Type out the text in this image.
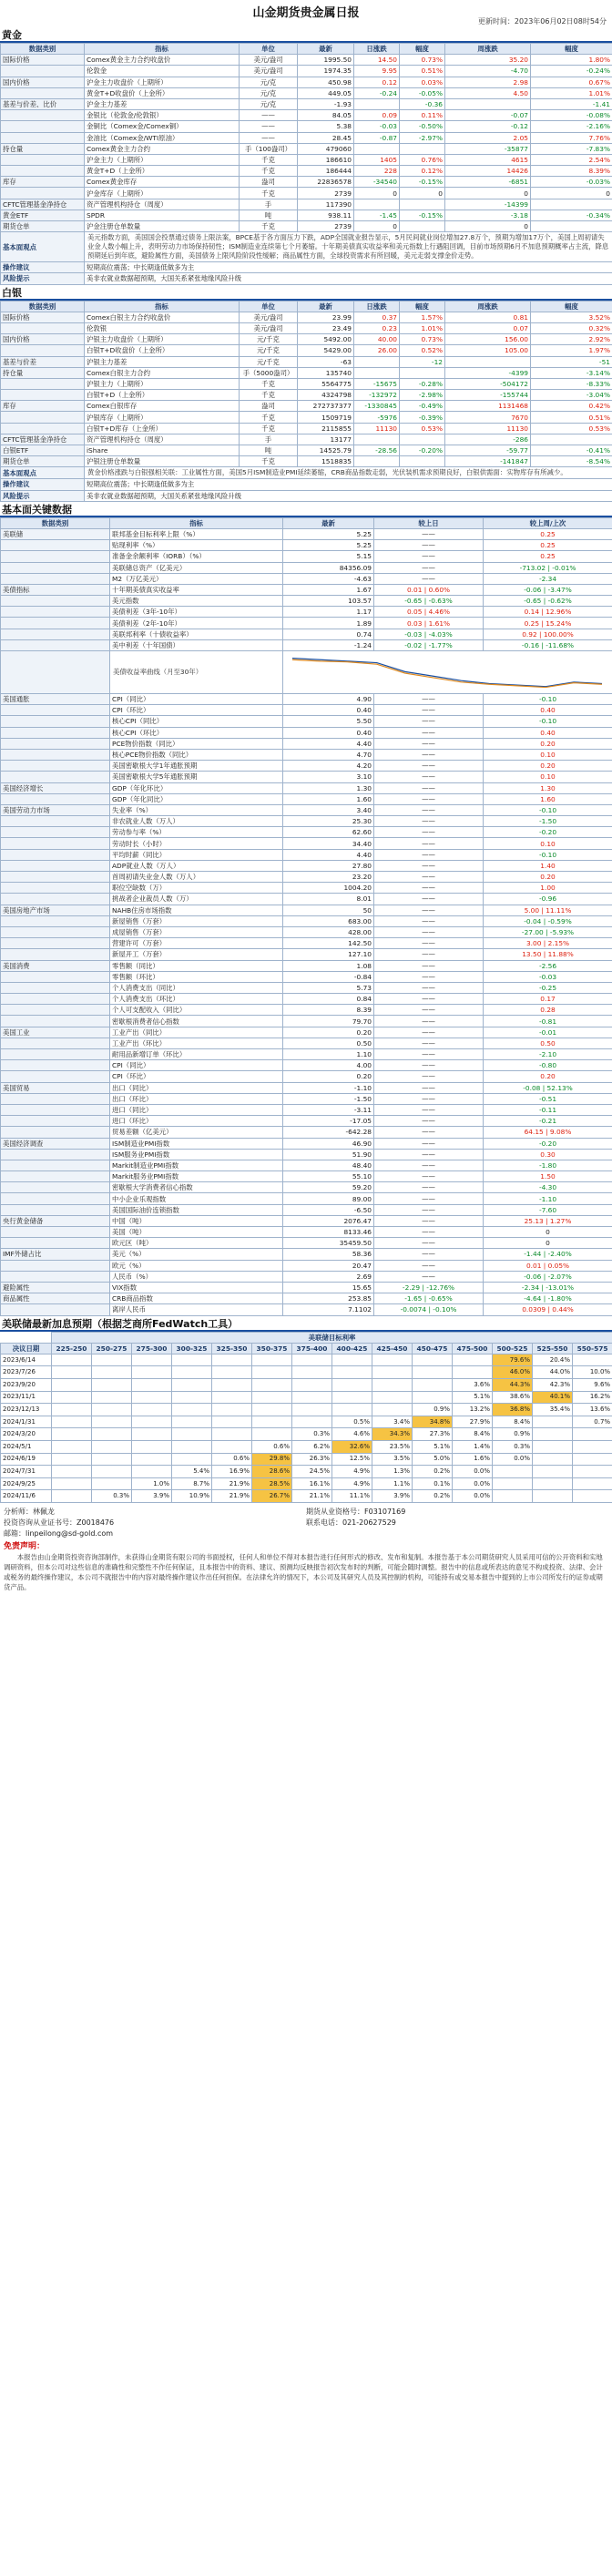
山金期货贵金属日报
更新时间：2023年06月02日08时54分
黄金
数据类别	指标	单位	最新	日涨跌	幅度	周涨跌	幅度
国际价格	Comex黄金主力合约收盘价	美元/盎司	1995.50	14.50	0.73%	35.20	1.80%
	伦敦金	美元/盎司	1974.35	9.95	0.51%	-4.70	-0.24%
国内价格	沪金主力收盘价（上期所）	元/克	450.98	0.12	0.03%	2.98	0.67%
	黄金T+D收盘价（上金所）	元/克	449.05	-0.24	-0.05%	4.50	1.01%
基差与价差、比价	沪金主力基差	元/克	-1.93		-0.36		-1.41
	金银比（伦敦金/伦敦银）	——	84.05	0.09	0.11%	-0.07	-0.08%
	金铜比（Comex金/Comex铜）	——	5.38	-0.03	-0.50%	-0.12	-2.16%
	金油比（Comex金/WTI原油）	——	28.45	-0.87	-2.97%	2.05	7.76%
持仓量	Comex黄金主力合约	手（100盎司）	479060			-35877	-7.83%
	沪金主力（上期所）	千克	186610	1405	0.76%	4615	2.54%
	黄金T+D（上金所）	千克	186444	228	0.12%	14426	8.39%
库存	Comex黄金库存	盎司	22836578	-34540	-0.15%	-6851	-0.03%
	沪金库存（上期所）	千克	2739	0	0	0	0
CFTC管理基金净持仓	资产管理机构持仓（周度）	手	117390			-14399	
黄金ETF	SPDR	吨	938.11	-1.45	-0.15%	-3.18	-0.34%
期货仓单	沪金注册仓单数量	千克	2739	0		0	
基本面观点	美元指数方面，美国国会投票通过债务上限法案，BPCE基于各方面压力下跌，ADP全国就业报告显示，5月民间就业岗位增加27.8万个，预期为增加17万个，美国上周初请失业金人数小幅上升，表明劳动力市场保持韧性；ISM制造业连续第七个月萎缩。十年期美债真实收益率和美元指数上行遇阻回调，目前市场预期6月不加息预期概率占主流，降息预期延后到年底，避险属性方面，美国债务上限风险阶段性缓解；商品属性方面，全球投资需求有所回暖，美元走弱支撑金价走势。						
操作建议	短期高位震荡；中长期逢低做多为主						
风险提示	美非农就业数据超预期，大国关系紧张地缘风险升级						
白银
数据类别	指标	单位	最新	日涨跌	幅度	周涨跌	幅度
国际价格	Comex白银主力合约收盘价	美元/盎司	23.99	0.37	1.57%	0.81	3.52%
	伦敦银	美元/盎司	23.49	0.23	1.01%	0.07	0.32%
国内价格	沪银主力收盘价（上期所）	元/千克	5492.00	40.00	0.73%	156.00	2.92%
	白银T+D收盘价（上金所）	元/千克	5429.00	26.00	0.52%	105.00	1.97%
基差与价差	沪银主力基差	元/千克	-63		-12		-51
持仓量	Comex白银主力合约	手（5000盎司）	135740			-4399	-3.14%
	沪银主力（上期所）	千克	5564775	-15675	-0.28%	-504172	-8.33%
	白银T+D（上金所）	千克	4324798	-132972	-2.98%	-155744	-3.04%
库存	Comex白银库存	盎司	272737377	-1330845	-0.49%	1131468	0.42%
	沪银库存（上期所）	千克	1509719	-5976	-0.39%	7670	0.51%
	白银T+D库存（上金所）	千克	2115855	11130	0.53%	11130	0.53%
CFTC管理基金净持仓	资产管理机构持仓（周度）	手	13177			-286	
白银ETF	iShare	吨	14525.79	-28.56	-0.20%	-59.77	-0.41%
期货仓单	沪银注册仓单数量	千克	1518835			-141847	-8.54%
基本面观点	黄金价格涨跌与白银强相关联：工业属性方面，美国5月ISM制造业PMI延续萎缩，CRB商品指数走弱，光伏装机需求预期良好，白银供需面：实物库存有所减少。						
操作建议	短期高位震荡；中长期逢低做多为主						
风险提示	美非农就业数据超预期，大国关系紧张地缘风险升级						
基本面关键数据
数据类别	指标	最新	较上日	较上周/上次
美联储	联邦基金目标利率上限（%）	5.25	——	0.25
	贴现利率（%）	5.25	——	0.25
	准备金余额利率（IORB）（%）	5.15	——	0.25
	美联储总资产（亿美元）	84356.09	——	-713.02 | -0.01%
	M2（万亿美元）	-4.63	——	-2.34
美债指标	十年期美债真实收益率	1.67	0.01 | 0.60%	-0.06 | -3.47%
	美元指数	103.57	-0.65 | -0.63%	-0.65 | -0.62%
	美债利差（3年-10年）	1.17	0.05 | 4.46%	0.14 | 12.96%
	美债利差（2年-10年）	1.89	0.03 | 1.61%	0.25 | 15.24%
	美联邦利率（十债收益率）	0.74	-0.03 | -4.03%	0.92 | 100.00%
	美中利差（十年国债）	-1.24	-0.02 | -1.77%	-0.16 | -11.68%
	美债收益率曲线（月至30年）	

美国通胀	CPI（同比）	4.90	——	-0.10
	CPI（环比）	0.40	——	0.40
	核心CPI（同比）	5.50	——	-0.10
	核心CPI（环比）	0.40	——	0.40
	PCE物价指数（同比）	4.40	——	0.20
	核心PCE物价指数（同比）	4.70	——	0.10
	美国密歇根大学1年通胀预期	4.20	——	0.20
	美国密歇根大学5年通胀预期	3.10	——	0.10
美国经济增长	GDP（年化环比）	1.30	——	1.30
	GDP（年化同比）	1.60	——	1.60
美国劳动力市场	失业率（%）	3.40	——	-0.10
	非农就业人数（万人）	25.30	——	-1.50
	劳动参与率（%）	62.60	——	-0.20
	劳动时长（小时）	34.40	——	0.10
	平均时薪（同比）	4.40	——	-0.10
	ADP就业人数（万人）	27.80	——	1.40
	首周初请失业金人数（万人）	23.20	——	0.20
	职位空缺数（万）	1004.20	——	1.00
	挑战者企业裁员人数（万）	8.01	——	-0.96
美国房地产市场	NAHB住房市场指数	50	——	5.00 | 11.11%
	新屋销售（万套）	683.00	——	-0.04 | -0.59%
	成屋销售（万套）	428.00	——	-27.00 | -5.93%
	营建许可（万套）	142.50	——	3.00 | 2.15%
	新屋开工（万套）	127.10	——	13.50 | 11.88%
美国消费	零售额（同比）	1.08	——	-2.56
	零售额（环比）	-0.84	——	-0.03
	个人消费支出（同比）	5.73	——	-0.25
	个人消费支出（环比）	0.84	——	0.17
	个人可支配收入（同比）	8.39	——	0.28
	密歇根消费者信心指数	79.70	——	-0.81
美国工业	工业产出（同比）	0.20	——	-0.01
	工业产出（环比）	0.50	——	0.50
	耐用品新增订单（环比）	1.10	——	-2.10
	CPI（同比）	4.00	——	-0.80
	CPI（环比）	0.20	——	0.20
美国贸易	出口（同比）	-1.10	——	-0.08 | 52.13%
	出口（环比）	-1.50	——	-0.51
	进口（同比）	-3.11	——	-0.11
	进口（环比）	-17.05	——	-0.21
	贸易差额（亿美元）	-642.28	——	64.15 | 9.08%
美国经济调查	ISM制造业PMI指数	46.90	——	-0.20
	ISM服务业PMI指数	51.90	——	0.30
	Markit制造业PMI指数	48.40	——	-1.80
	Markit服务业PMI指数	55.10	——	1.50
	密歇根大学消费者信心指数	59.20	——	-4.30
	中小企业乐观指数	89.00	——	-1.10
	美国国际油价连锁指数	-6.50	——	-7.60
央行黄金储备	中国（吨）	2076.47	——	25.13 | 1.27%
	美国（吨）	8133.46	——	0
	欧元区（吨）	35459.50	——	0
IMF外储占比	美元（%）	58.36	——	-1.44 | -2.40%
	欧元（%）	20.47	——	0.01 | 0.05%
	人民币（%）	2.69	——	-0.06 | -2.07%
避险属性	VIX指数	15.65	-2.29 | -12.76%	-2.34 | -13.01%
商品属性	CRB商品指数	253.85	-1.65 | -0.65%	-4.64 | -1.80%
	离岸人民币	7.1102	-0.0074 | -0.10%	0.0309 | 0.44%
美联储最新加息预期（根据芝商所FedWatch工具）
	美联储目标利率													
决议日期	225-250	250-275	275-300	300-325	325-350	350-375	375-400	400-425	425-450	450-475	475-500	500-525	525-550	550-575
2023/6/14												79.6%	20.4%	
2023/7/26												46.0%	44.0%	10.0%
2023/9/20											3.6%	44.3%	42.3%	9.6%
2023/11/1											5.1%	38.6%	40.1%	16.2%
2023/12/13										0.9%	13.2%	36.8%	35.4%	13.6%
2024/1/31								0.5%	3.4%	34.8%	27.9%	8.4%		0.7%
2024/3/20							0.3%	4.6%	34.3%	27.3%	8.4%	0.9%		
2024/5/1						0.6%	6.2%	32.6%	23.5%	5.1%	1.4%	0.3%		
2024/6/19					0.6%	29.8%	26.3%	12.5%	3.5%	5.0%	1.6%	0.0%		
2024/7/31				5.4%	16.9%	28.6%	24.5%	4.9%	1.3%	0.2%	0.0%			
2024/9/25			1.0%	8.7%	21.9%	28.5%	16.1%	4.9%	1.1%	0.1%	0.0%			
2024/11/6		0.3%	3.9%	10.9%	21.9%	26.7%	21.1%	11.1%	3.9%	0.2%	0.0%			
分析师：林佩龙	期货从业资格号：F03107169
投资咨询从业证书号：Z0018476	联系电话：021-20627529
邮箱：linpeilong@sd-gold.com
免责声明：
本报告由山金期货投资咨询部制作，未获得山金期货有限公司的书面授权，任何人和单位不得对本报告进行任何形式的修改、发布和复制。本报告基于本公司期货研究人员采用可信的公开资料和实地调研资料，但本公司对这些信息的准确性和完整性不作任何保证，且本报告中的资料、建议、预测均反映报告初次发布时的判断，可能会随时调整。报告中的信息或所表达的意见不构成投资、法律、会计或税务的最终操作建议，本公司不就报告中的内容对最终操作建议作出任何担保。在法律允许的情况下，本公司及其研究人员及其控制的机构，可能持有或交易本报告中提到的上市公司所发行的证券或期货产品。
